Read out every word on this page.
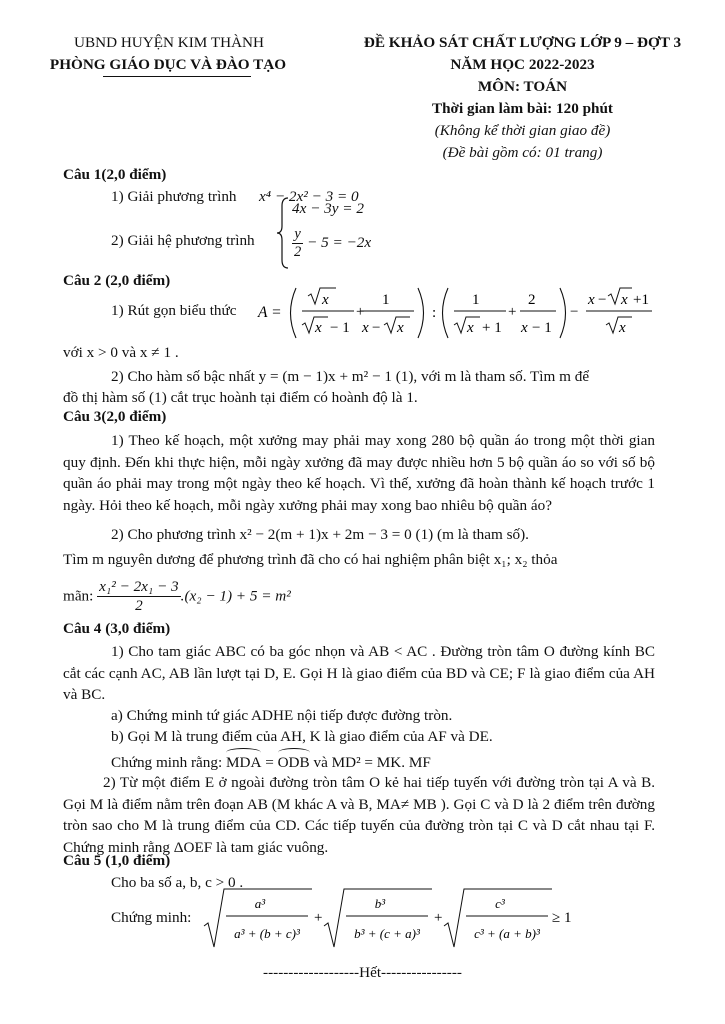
UBND HUYỆN KIM THÀNH
PHÒNG GIÁO DỤC VÀ ĐÀO TẠO
ĐỀ KHẢO SÁT CHẤT LƯỢNG LỚP 9 – ĐỢT 3
NĂM HỌC 2022-2023
MÔN: TOÁN
Thời gian làm bài: 120 phút
(Không kể thời gian giao đề)
(Đề bài gồm có: 01 trang)
Câu 1(2,0 điểm)
1) Giải phương trình x⁴ − 2x² − 3 = 0
2) Giải hệ phương trình
4x − 3y = 2
$\frac{y}{2} - 5 = -2x$
Câu 2 (2,0 điểm)
1) Rút gọn biểu thức A =
x
x − 1
+
1
x − x
:
1
x + 1
+
2
x − 1
−
x − x +1
x
với x > 0 và x ≠ 1 .
2) Cho hàm số bậc nhất y = (m − 1)x + m² − 1 (1), với m là tham số. Tìm m để
đồ thị hàm số (1) cắt trục hoành tại điểm có hoành độ là 1.
Câu 3(2,0 điểm)
1) Theo kế hoạch, một xưởng may phải may xong 280 bộ quần áo trong một thời gian quy định. Đến khi thực hiện, mỗi ngày xưởng đã may được nhiều hơn 5 bộ quần áo so với số bộ quần áo phải may trong một ngày theo kế hoạch. Vì thế, xưởng đã hoàn thành kế hoạch trước 1 ngày. Hỏi theo kế hoạch, mỗi ngày xưởng phải may xong bao nhiêu bộ quần áo?
2) Cho phương trình x² − 2(m + 1)x + 2m − 3 = 0 (1) (m là tham số).
Tìm m nguyên dương để phương trình đã cho có hai nghiệm phân biệt x₁; x₂ thỏa
mãn: $\frac{\text{x₁² − 2x₁ − 3}}{2} .(x_2 - 1) + 5 = m^2$
Câu 4 (3,0 điểm)
1) Cho tam giác ABC có ba góc nhọn và AB < AC . Đường tròn tâm O đường kính BC cắt các cạnh AC, AB lần lượt tại D, E. Gọi H là giao điểm của BD và CE; F là giao điểm của AH và BC.
a) Chứng minh tứ giác ADHE nội tiếp được đường tròn.
b) Gọi M là trung điểm của AH, K là giao điểm của AF và DE.
Chứng minh rằng: MDA = ODB và MD² = MK. MF
2) Từ một điểm E ở ngoài đường tròn tâm O kẻ hai tiếp tuyến với đường tròn tại A và B. Gọi M là điểm nằm trên đoạn AB (M khác A và B, MA≠ MB ). Gọi C và D là 2 điểm trên đường tròn sao cho M là trung điểm của CD. Các tiếp tuyến của đường tròn tại C và D cắt nhau tại F. Chứng minh rằng ΔOEF là tam giác vuông.
Câu 5 (1,0 điểm)
Cho ba số a, b, c > 0 .
Chứng minh:
a³
a³ + (b + c)³
+
b³
b³ + (c + a)³
+
c³
c³ + (a + b)³
≥ 1
-------------------Hết----------------
